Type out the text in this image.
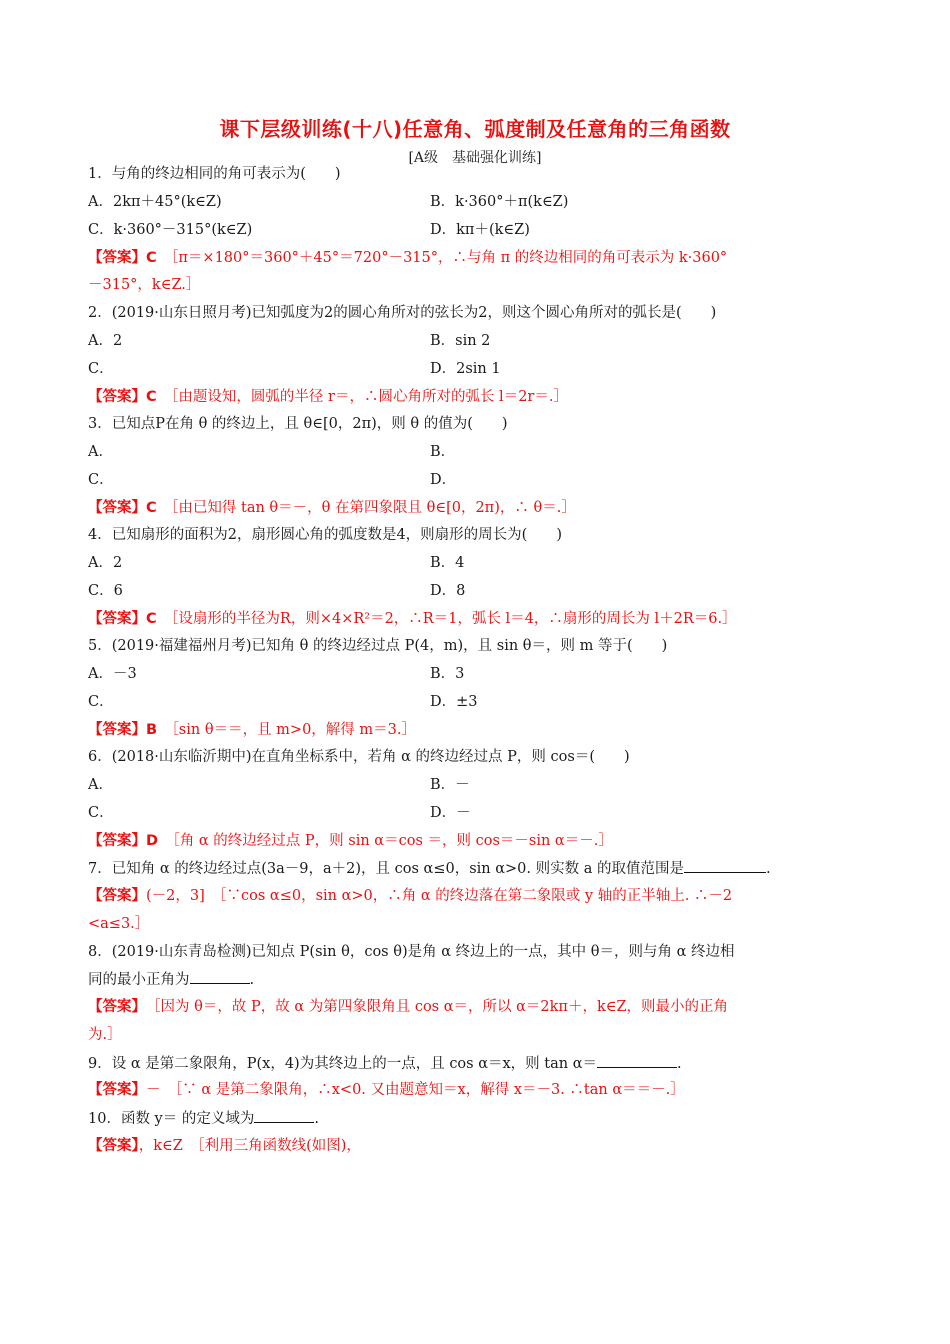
课下层级训练(十八)任意角、弧度制及任意角的三角函数
[A级　基础强化训练]
1．与角的终边相同的角可表示为(　　)
A．2kπ＋45°(k∈Z)	B．k·360°＋π(k∈Z)
C．k·360°－315°(k∈Z)	D．kπ＋(k∈Z)
【答案】C　 ［π＝×180°＝360°＋45°＝720°－315°，∴与角 π 的终边相同的角可表示为 k·360°
－315°，k∈Z.］
2．(2019·山东日照月考)已知弧度为2的圆心角所对的弦长为2，则这个圆心角所对的弧长是(　　)
A．2	B．sin 2
C．	D．2sin 1
【答案】C　 ［由题设知，圆弧的半径 r＝，∴圆心角所对的弧长 l＝2r＝.］
3．已知点P在角 θ 的终边上，且 θ∈[0，2π)，则 θ 的值为(　　)
A．	B．
C．	D．
【答案】C　 ［由已知得 tan θ＝－，θ 在第四象限且 θ∈[0，2π)，∴ θ＝.］
4．已知扇形的面积为2，扇形圆心角的弧度数是4，则扇形的周长为(　　)
A．2	B．4
C．6	D．8
【答案】C　 ［设扇形的半径为R，则×4×R²＝2，∴R＝1，弧长 l＝4，∴扇形的周长为 l＋2R＝6.］
5．(2019·福建福州月考)已知角 θ 的终边经过点 P(4，m)，且 sin θ＝，则 m 等于(　　)
A．－3	B．3
C．	D．±3
【答案】B　 ［sin θ＝＝，且 m>0，解得 m＝3.］
6．(2018·山东临沂期中)在直角坐标系中，若角 α 的终边经过点 P，则 cos＝(　　)
A．	B．－
C．	D．－
【答案】D　 ［角 α 的终边经过点 P，则 sin α＝cos ＝，则 cos＝－sin α＝－.］
7．已知角 α 的终边经过点(3a－9，a＋2)，且 cos α≤0，sin α>0. 则实数 a 的取值范围是	.
【答案】(－2，3]　［∵cos α≤0，sin α>0，∴角 α 的终边落在第二象限或 y 轴的正半轴上. ∴－2
<a≤3.］
8．(2019·山东青岛检测)已知点 P(sin θ，cos θ)是角 α 终边上的一点，其中 θ＝，则与角 α 终边相
同的最小正角为	.
【答案】　［因为 θ＝，故 P，故 α 为第四象限角且 cos α＝，所以 α＝2kπ＋，k∈Z，则最小的正角
为.］
9．设 α 是第二象限角，P(x，4)为其终边上的一点，且 cos α＝x，则 tan α＝	.
【答案】－　［∵ α 是第二象限角，∴x<0. 又由题意知＝x，解得 x＝－3. ∴tan α＝＝－.］
10．函数 y＝ 的定义域为	.
【答案】，k∈Z　［利用三角函数线(如图)，
